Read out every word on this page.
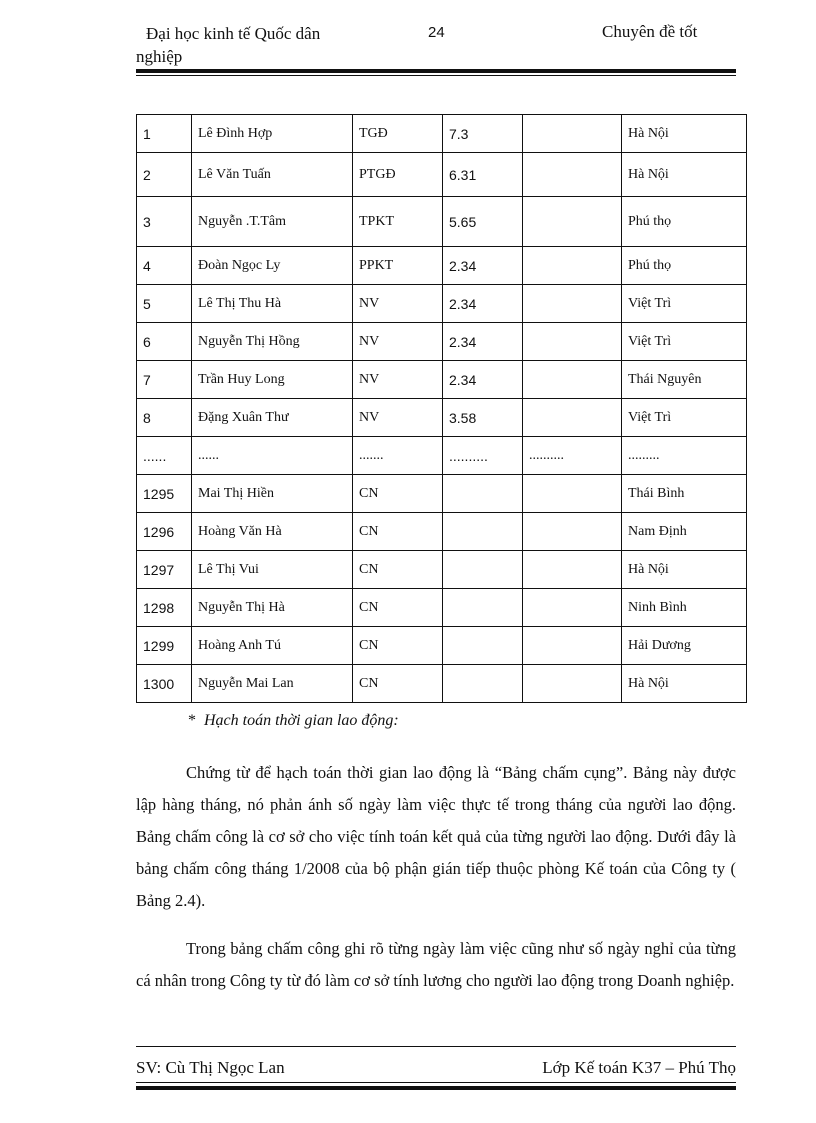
Đại học kinh tế Quốc dân
nghiệp
24	Chuyên đề tốt
1	Lê Đình Hợp	TGĐ	7.3		Hà Nội
2	Lê Văn Tuấn	PTGĐ	6.31		Hà Nội
3	Nguyễn .T.Tâm	TPKT	5.65		Phú thọ
4	Đoàn Ngọc Ly	PPKT	2.34		Phú thọ
5	Lê Thị Thu Hà	NV	2.34		Việt Trì
6	Nguyễn Thị Hồng	NV	2.34		Việt Trì
7	Trần Huy Long	NV	2.34		Thái Nguyên
8	Đặng Xuân Thư	NV	3.58		Việt Trì
......	......	.......	..........	..........	.........
1295	Mai Thị Hiền	CN			Thái Bình
1296	Hoàng Văn Hà	CN			Nam Định
1297	Lê Thị Vui	CN			Hà Nội
1298	Nguyễn Thị Hà	CN			Ninh Bình
1299	Hoàng Anh Tú	CN			Hải Dương
1300	Nguyễn Mai Lan	CN			Hà Nội
* Hạch toán thời gian lao động:

Chứng từ để hạch toán thời gian lao động là “Bảng chấm cụng”. Bảng này được lập hàng tháng, nó phản ánh số ngày làm việc thực tế trong tháng của người lao động. Bảng chấm công là cơ sở cho việc tính toán kết quả của từng người lao động. Dưới đây là bảng chấm công tháng 1/2008 của bộ phận gián tiếp thuộc phòng Kế toán của Công ty ( Bảng 2.4).

Trong bảng chấm công ghi rõ từng ngày làm việc cũng như số ngày nghỉ của từng cá nhân trong Công ty từ đó làm cơ sở tính lương cho người lao động trong Doanh nghiệp.

SV: Cù Thị Ngọc Lan	Lớp Kế toán K37 – Phú Thọ
